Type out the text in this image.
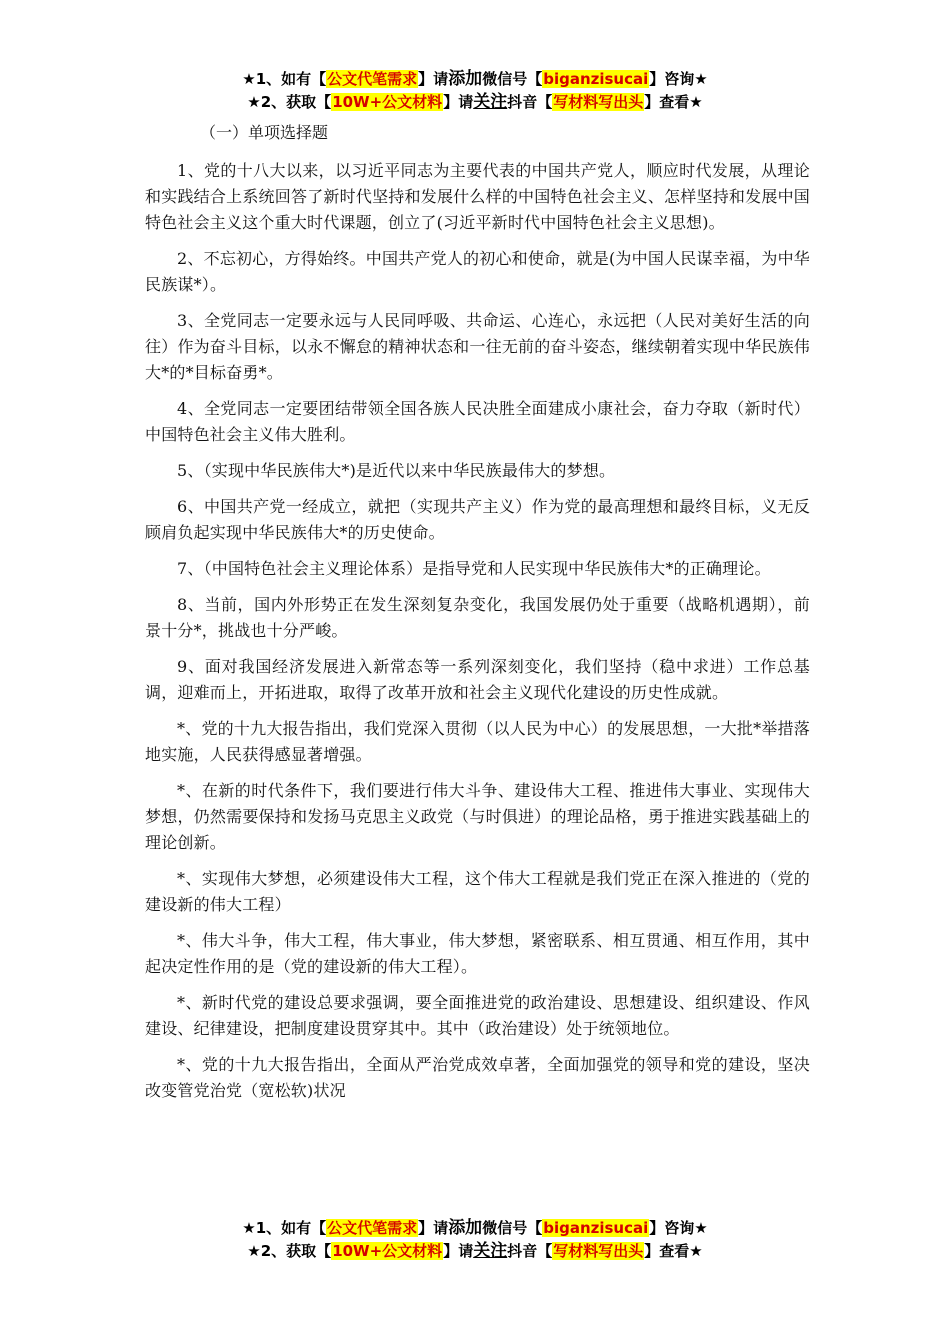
★1、如有【公文代笔需求】请添加微信号【biganzisucai】咨询★
★2、获取【10W+公文材料】请关注抖音【写材料写出头】查看★
（一）单项选择题

1、党的十八大以来，以习近平同志为主要代表的中国共产党人，顺应时代发展，从理论和实践结合上系统回答了新时代坚持和发展什么样的中国特色社会主义、怎样坚持和发展中国特色社会主义这个重大时代课题，创立了(习近平新时代中国特色社会主义思想)。

2、不忘初心，方得始终。中国共产党人的初心和使命，就是(为中国人民谋幸福，为中华民族谋*）。

3、全党同志一定要永远与人民同呼吸、共命运、心连心，永远把（人民对美好生活的向往）作为奋斗目标，以永不懈怠的精神状态和一往无前的奋斗姿态，继续朝着实现中华民族伟大*的*目标奋勇*。

4、全党同志一定要团结带领全国各族人民决胜全面建成小康社会，奋力夺取（新时代）中国特色社会主义伟大胜利。

5、（实现中华民族伟大*)是近代以来中华民族最伟大的梦想。

6、中国共产党一经成立，就把（实现共产主义）作为党的最高理想和最终目标，义无反顾肩负起实现中华民族伟大*的历史使命。

7、（中国特色社会主义理论体系）是指导党和人民实现中华民族伟大*的正确理论。

8、当前，国内外形势正在发生深刻复杂变化，我国发展仍处于重要（战略机遇期），前景十分*，挑战也十分严峻。

9、面对我国经济发展进入新常态等一系列深刻变化，我们坚持（稳中求进）工作总基调，迎难而上，开拓进取，取得了改革开放和社会主义现代化建设的历史性成就。

*、党的十九大报告指出，我们党深入贯彻（以人民为中心）的发展思想，一大批*举措落地实施，人民获得感显著增强。

*、在新的时代条件下，我们要进行伟大斗争、建设伟大工程、推进伟大事业、实现伟大梦想，仍然需要保持和发扬马克思主义政党（与时俱进）的理论品格，勇于推进实践基础上的理论创新。

*、实现伟大梦想，必须建设伟大工程，这个伟大工程就是我们党正在深入推进的（党的建设新的伟大工程）

*、伟大斗争，伟大工程，伟大事业，伟大梦想，紧密联系、相互贯通、相互作用，其中起决定性作用的是（党的建设新的伟大工程）。

*、新时代党的建设总要求强调，要全面推进党的政治建设、思想建设、组织建设、作风建设、纪律建设，把制度建设贯穿其中。其中（政治建设）处于统领地位。

*、党的十九大报告指出，全面从严治党成效卓著，全面加强党的领导和党的建设，坚决改变管党治党（宽松软)状况

★1、如有【公文代笔需求】请添加微信号【biganzisucai】咨询★
★2、获取【10W+公文材料】请关注抖音【写材料写出头】查看★
